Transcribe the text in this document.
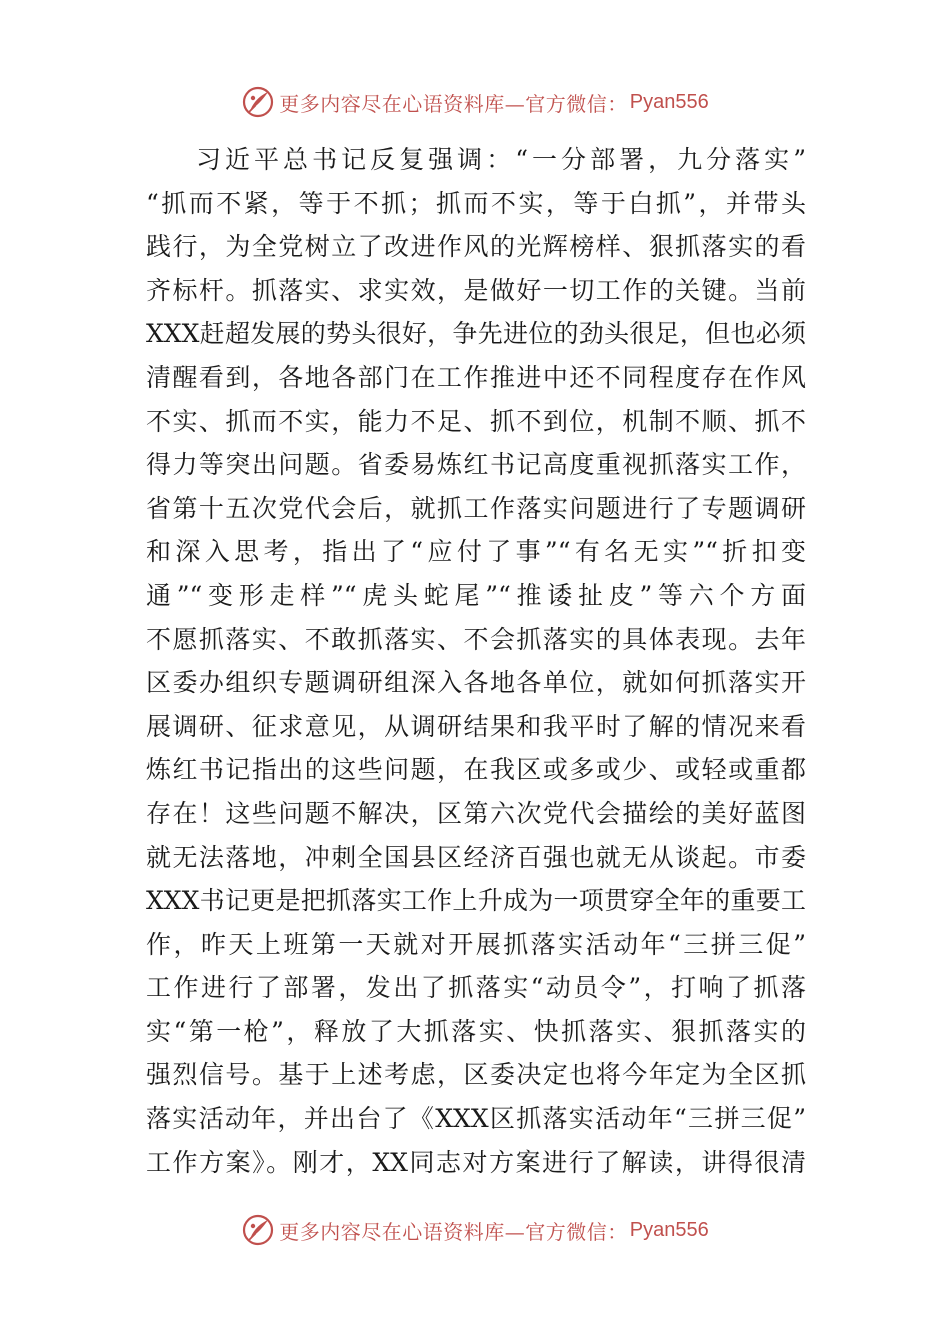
更多内容尽在心语资料库—官方微信： Pyan556
习近平总书记反复强调：“一分部署，九分落实”
“抓而不紧，等于不抓；抓而不实，等于白抓”，并带头
践行，为全党树立了改进作风的光辉榜样、狠抓落实的看
齐标杆。抓落实、求实效，是做好一切工作的关键。当前
XXX赶超发展的势头很好，争先进位的劲头很足，但也必须
清醒看到，各地各部门在工作推进中还不同程度存在作风
不实、抓而不实，能力不足、抓不到位，机制不顺、抓不
得力等突出问题。省委易炼红书记高度重视抓落实工作，
省第十五次党代会后，就抓工作落实问题进行了专题调研
和深入思考，指出了“应付了事”“有名无实”“折扣变
通”“变形走样”“虎头蛇尾”“推诿扯皮”等六个方面
不愿抓落实、不敢抓落实、不会抓落实的具体表现。去年
区委办组织专题调研组深入各地各单位，就如何抓落实开
展调研、征求意见，从调研结果和我平时了解的情况来看
炼红书记指出的这些问题，在我区或多或少、或轻或重都
存在！这些问题不解决，区第六次党代会描绘的美好蓝图
就无法落地，冲刺全国县区经济百强也就无从谈起。市委
XXX书记更是把抓落实工作上升成为一项贯穿全年的重要工
作，昨天上班第一天就对开展抓落实活动年“三拼三促”
工作进行了部署，发出了抓落实“动员令”，打响了抓落
实“第一枪”，释放了大抓落实、快抓落实、狠抓落实的
强烈信号。基于上述考虑，区委决定也将今年定为全区抓
落实活动年，并出台了《XXX区抓落实活动年“三拼三促”
工作方案》。刚才，XX同志对方案进行了解读，讲得很清
更多内容尽在心语资料库—官方微信： Pyan556
